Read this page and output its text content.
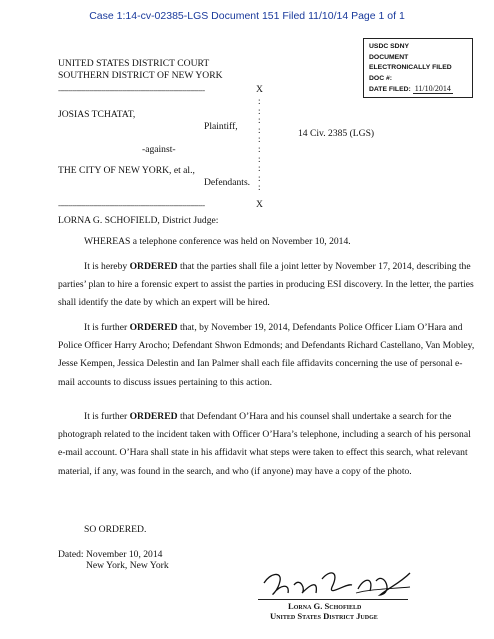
Case 1:14-cv-02385-LGS Document 151 Filed 11/10/14 Page 1 of 1
USDC SDNY
DOCUMENT
ELECTRONICALLY FILED
DOC #:
DATE FILED: 11/10/2014
UNITED STATES DISTRICT COURT
SOUTHERN DISTRICT OF NEW YORK
-----------------------------------------------------------------------	X
:
:
:
:
:
:
:
:
:
:
JOSIAS TCHATAT,
Plaintiff,
14 Civ. 2385 (LGS)
-against-
THE CITY OF NEW YORK, et al.,
Defendants.
-----------------------------------------------------------------------	X
LORNA G. SCHOFIELD, District Judge:
WHEREAS a telephone conference was held on November 10, 2014.
It is hereby ORDERED that the parties shall file a joint letter by November 17, 2014, describing the parties’ plan to hire a forensic expert to assist the parties in producing ESI discovery. In the letter, the parties shall identify the date by which an expert will be hired.
It is further ORDERED that, by November 19, 2014, Defendants Police Officer Liam O’Hara and Police Officer Harry Arocho; Defendant Shwon Edmonds; and Defendants Richard Castellano, Van Mobley, Jesse Kempen, Jessica Delestin and Ian Palmer shall each file affidavits concerning the use of personal e-mail accounts to discuss issues pertaining to this action.
It is further ORDERED that Defendant O’Hara and his counsel shall undertake a search for the photograph related to the incident taken with Officer O’Hara’s telephone, including a search of his personal e-mail account. O’Hara shall state in his affidavit what steps were taken to effect this search, what relevant material, if any, was found in the search, and who (if anyone) may have a copy of the photo.
SO ORDERED.
Dated: November 10, 2014
New York, New York
Lorna G. Schofield
United States District Judge
